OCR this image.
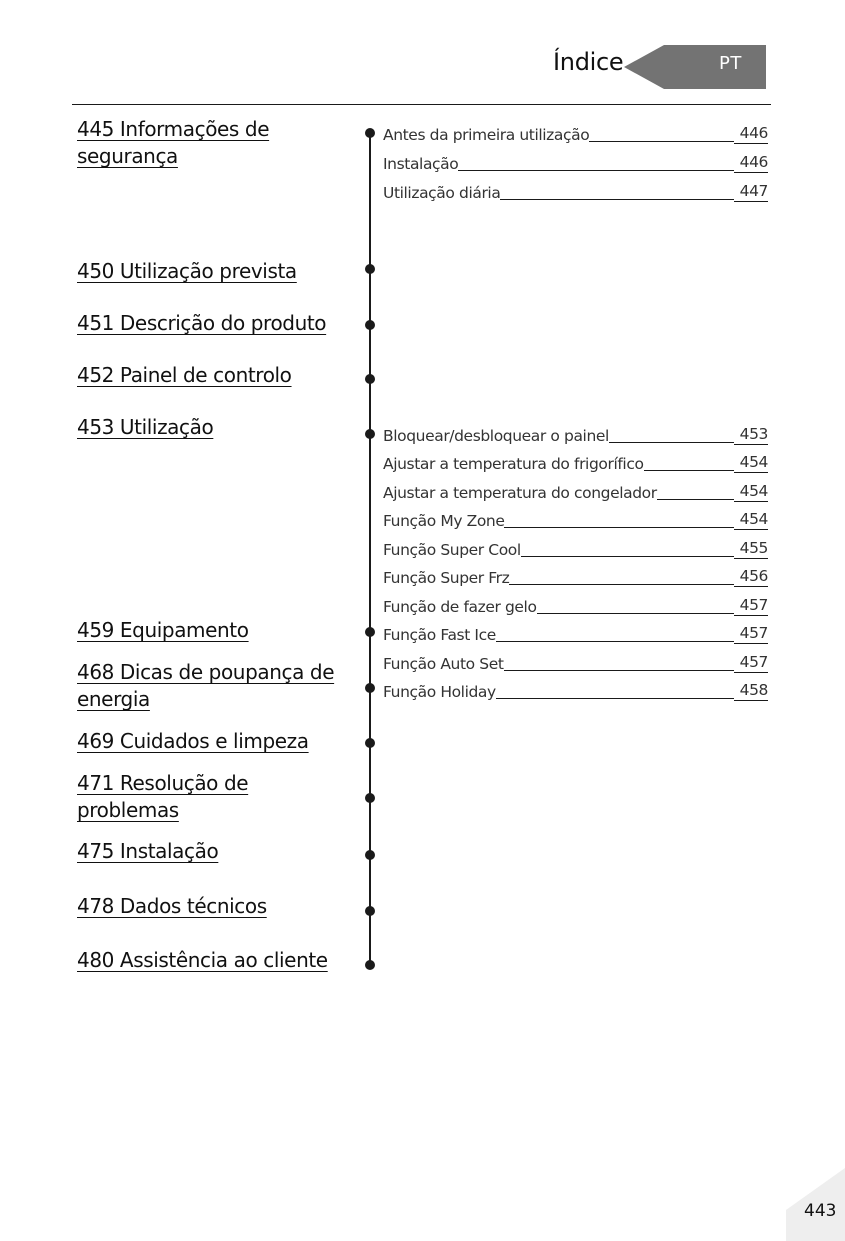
Índice	PT
445 Informações de segurança
450 Utilização prevista
451 Descrição do produto
452 Painel de controlo
453 Utilização
459 Equipamento
468 Dicas de poupança de energia
469 Cuidados e limpeza
471 Resolução de problemas
475 Instalação
478 Dados técnicos
480 Assistência ao cliente
Antes da primeira utilização	446
Instalação	446
Utilização diária	447
Bloquear/desbloquear o painel	453
Ajustar a temperatura do frigorífico	454
Ajustar a temperatura do congelador	454
Função My Zone	454
Função Super Cool	455
Função Super Frz	456
Função de fazer gelo	457
Função Fast Ice	457
Função Auto Set	457
Função Holiday	458
443
